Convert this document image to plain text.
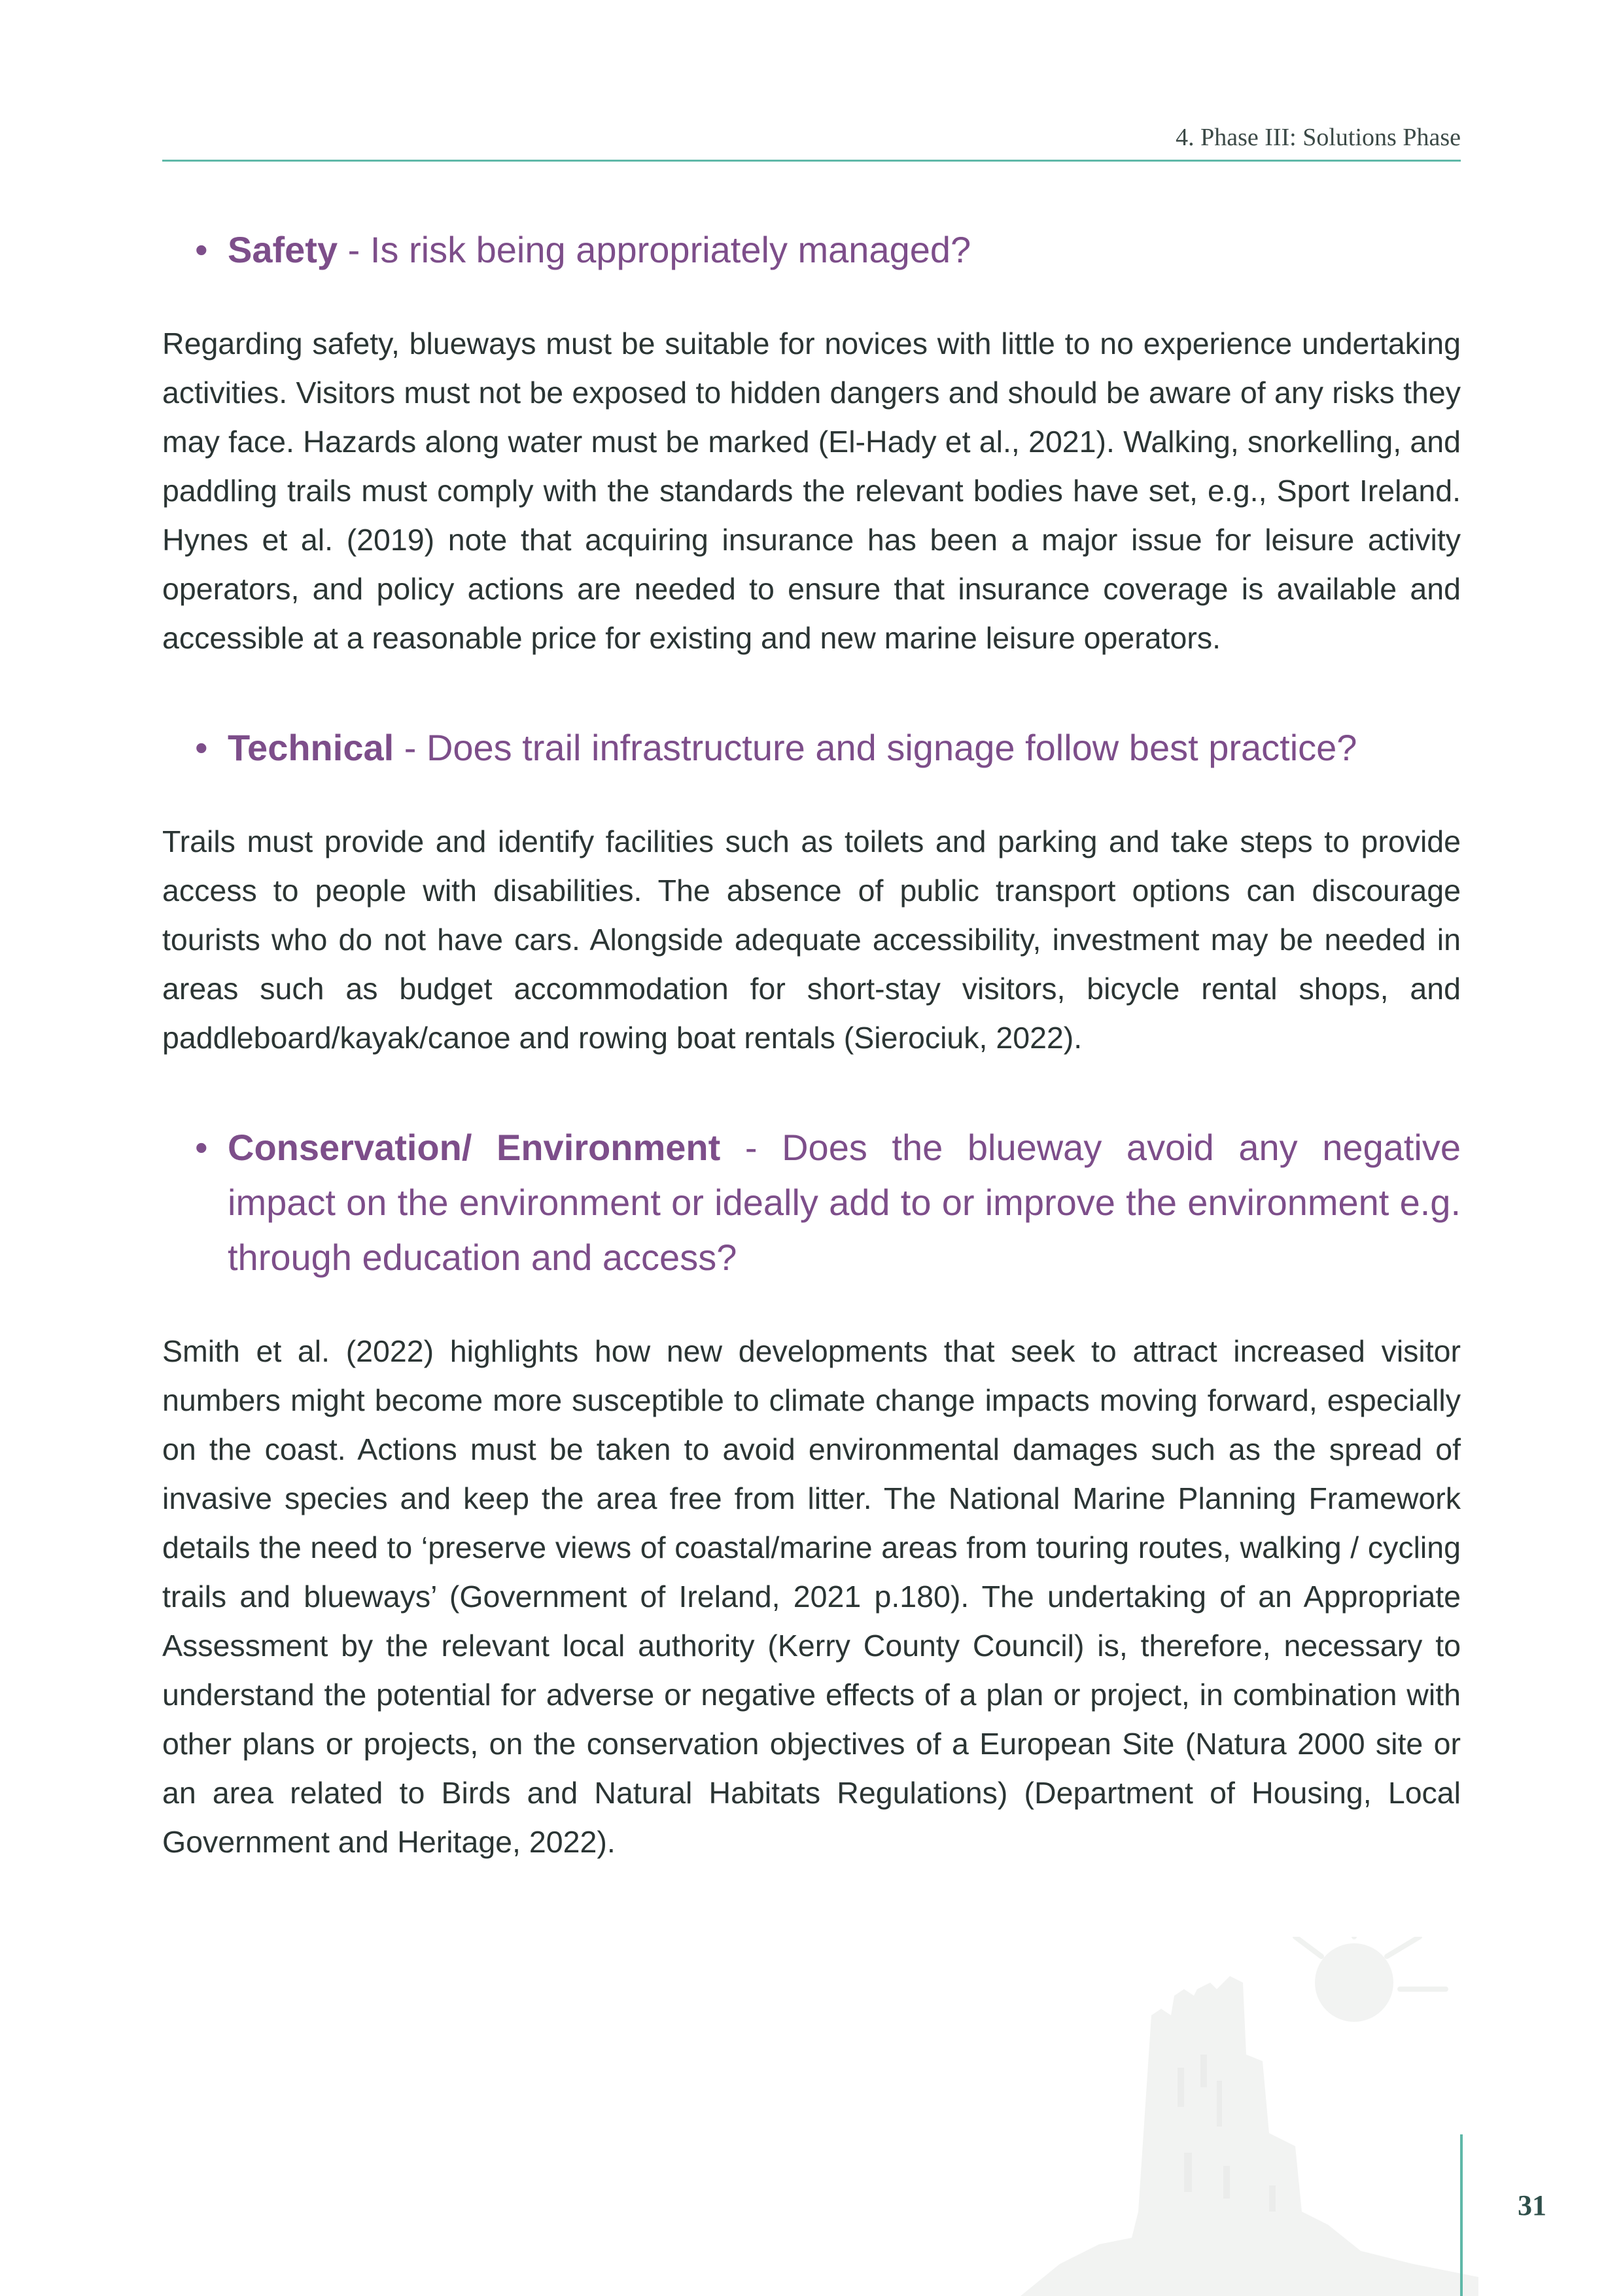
4. Phase III: Solutions Phase
• Safety - Is risk being appropriately managed?

Regarding safety, blueways must be suitable for novices with little to no experience undertaking activities. Visitors must not be exposed to hidden dangers and should be aware of any risks they may face. Hazards along water must be marked (El-Hady et al., 2021). Walking, snorkelling, and paddling trails must comply with the standards the relevant bodies have set, e.g., Sport Ireland. Hynes et al. (2019) note that acquiring insurance has been a major issue for leisure activity operators, and policy actions are needed to ensure that insurance coverage is available and accessible at a reasonable price for existing and new marine leisure operators.

• Technical - Does trail infrastructure and signage follow best practice?

Trails must provide and identify facilities such as toilets and parking and take steps to provide access to people with disabilities. The absence of public transport options can discourage tourists who do not have cars. Alongside adequate accessibility, investment may be needed in areas such as budget accommodation for short-stay visitors, bicycle rental shops, and paddleboard/kayak/canoe and rowing boat rentals (Sierociuk, 2022).

• Conservation/ Environment - Does the blueway avoid any negative impact on the environment or ideally add to or improve the environment e.g. through education and access?

Smith et al. (2022) highlights how new developments that seek to attract increased visitor numbers might become more susceptible to climate change impacts moving forward, especially on the coast. Actions must be taken to avoid environmental damages such as the spread of invasive species and keep the area free from litter. The National Marine Planning Framework details the need to ‘preserve views of coastal/marine areas from touring routes, walking / cycling trails and blueways’ (Government of Ireland, 2021 p.180). The undertaking of an Appropriate Assessment by the relevant local authority (Kerry County Council) is, therefore, necessary to understand the potential for adverse or negative effects of a plan or project, in combination with other plans or projects, on the conservation objectives of a European Site (Natura 2000 site or an area related to Birds and Natural Habitats Regulations) (Department of Housing, Local Government and Heritage, 2022).

31
